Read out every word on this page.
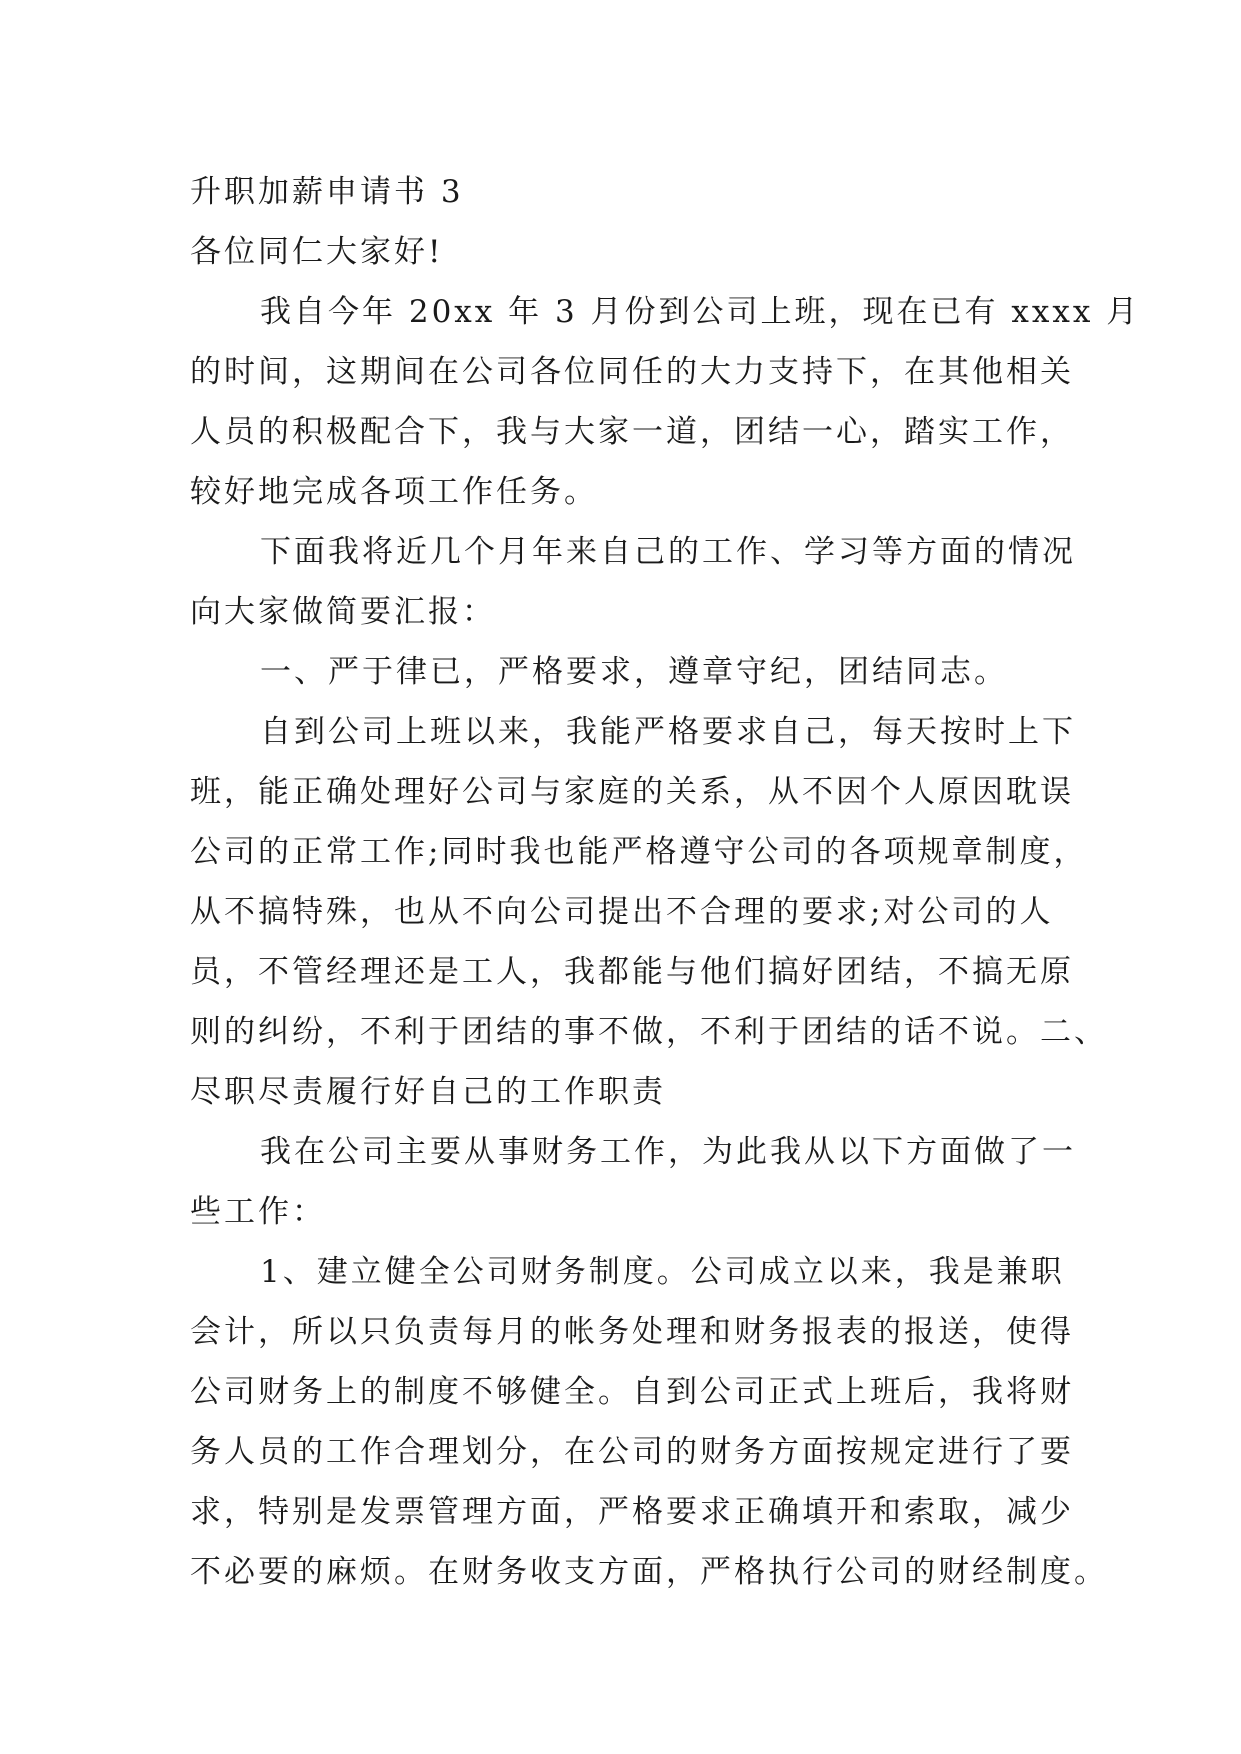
升职加薪申请书 3

各位同仁大家好!

我自今年 20xx 年 3 月份到公司上班，现在已有 xxxx 月

的时间，这期间在公司各位同任的大力支持下，在其他相关

人员的积极配合下，我与大家一道，团结一心，踏实工作，

较好地完成各项工作任务。

下面我将近几个月年来自己的工作、学习等方面的情况

向大家做简要汇报：

一、严于律已，严格要求，遵章守纪，团结同志。

自到公司上班以来，我能严格要求自己，每天按时上下

班，能正确处理好公司与家庭的关系，从不因个人原因耽误

公司的正常工作;同时我也能严格遵守公司的各项规章制度，

从不搞特殊，也从不向公司提出不合理的要求;对公司的人

员，不管经理还是工人，我都能与他们搞好团结，不搞无原

则的纠纷，不利于团结的事不做，不利于团结的话不说。二、

尽职尽责履行好自己的工作职责

我在公司主要从事财务工作，为此我从以下方面做了一

些工作：

1、建立健全公司财务制度。公司成立以来，我是兼职

会计，所以只负责每月的帐务处理和财务报表的报送，使得

公司财务上的制度不够健全。自到公司正式上班后，我将财

务人员的工作合理划分，在公司的财务方面按规定进行了要

求，特别是发票管理方面，严格要求正确填开和索取，减少

不必要的麻烦。在财务收支方面，严格执行公司的财经制度。
